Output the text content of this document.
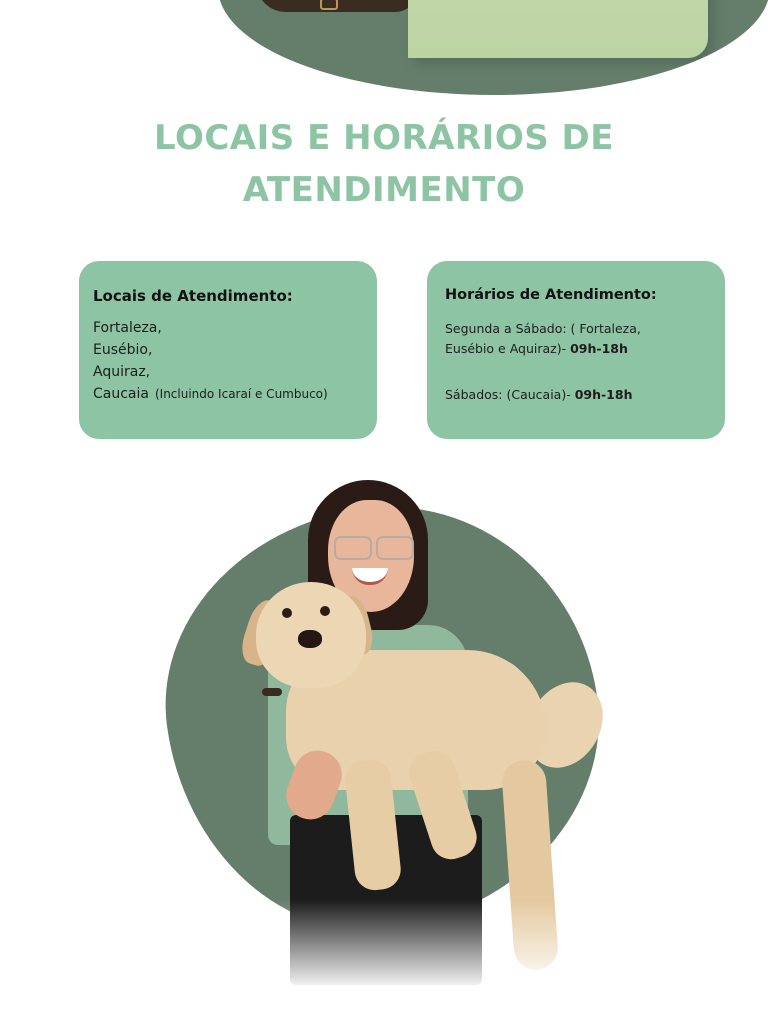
LOCAIS E HORÁRIOS DE
ATENDIMENTO
Locais de Atendimento:
Fortaleza,
Eusébio,
Aquiraz,
Caucaia (Incluindo Icaraí e Cumbuco)
Horários de Atendimento:
Segunda a Sábado: ( Fortaleza,
Eusébio e Aquiraz)- 09h-18h
Sábados: (Caucaia)- 09h-18h
